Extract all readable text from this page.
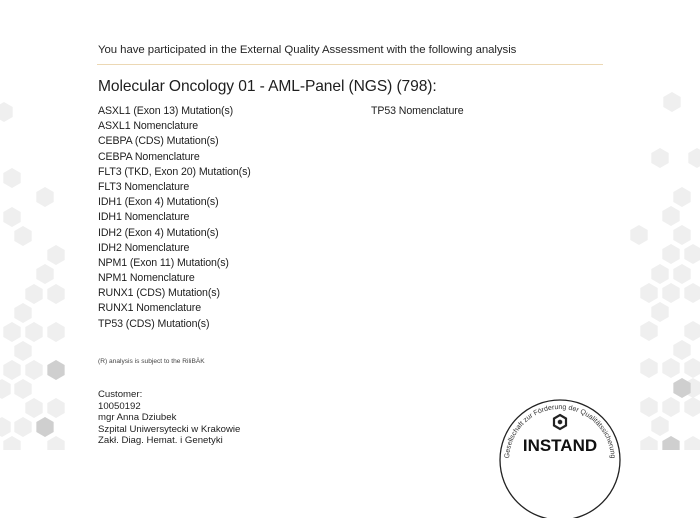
You have participated in the External Quality Assessment with the following analysis
Molecular Oncology 01 - AML-Panel (NGS) (798):
ASXL1 (Exon 13) Mutation(s)
ASXL1 Nomenclature
CEBPA (CDS) Mutation(s)
CEBPA Nomenclature
FLT3 (TKD, Exon 20) Mutation(s)
FLT3 Nomenclature
IDH1 (Exon 4) Mutation(s)
IDH1 Nomenclature
IDH2 (Exon 4) Mutation(s)
IDH2 Nomenclature
NPM1 (Exon 11) Mutation(s)
NPM1 Nomenclature
RUNX1 (CDS) Mutation(s)
RUNX1 Nomenclature
TP53 (CDS) Mutation(s)
TP53 Nomenclature
(R) analysis is subject to the RiliBÄK
Customer:
10050192
mgr Anna Dziubek
Szpital Uniwersytecki w Krakowie
Zakł. Diag. Hemat. i Genetyki
Gesellschaft zur Förderung der Qualitätssicherung
INSTAND
